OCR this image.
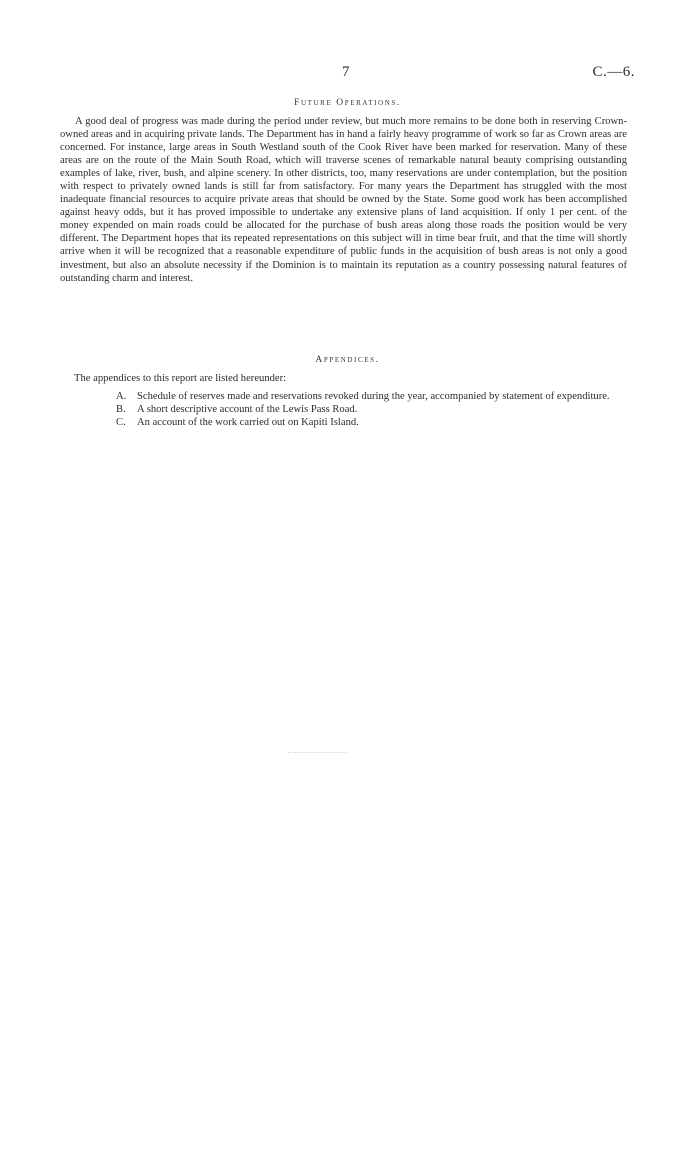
7	C.—6.
Future Operations.

A good deal of progress was made during the period under review, but much more remains to be done both in reserving Crown-owned areas and in acquiring private lands. The Department has in hand a fairly heavy programme of work so far as Crown areas are concerned. For instance, large areas in South Westland south of the Cook River have been marked for reservation. Many of these areas are on the route of the Main South Road, which will traverse scenes of remarkable natural beauty comprising outstanding examples of lake, river, bush, and alpine scenery. In other districts, too, many reservations are under contemplation, but the position with respect to privately owned lands is still far from satisfactory. For many years the Department has struggled with the most inadequate financial resources to acquire private areas that should be owned by the State. Some good work has been accomplished against heavy odds, but it has proved impossible to undertake any extensive plans of land acquisition. If only 1 per cent. of the money expended on main roads could be allocated for the purchase of bush areas along those roads the position would be very different. The Department hopes that its repeated representations on this subject will in time bear fruit, and that the time will shortly arrive when it will be recognized that a reasonable expenditure of public funds in the acquisition of bush areas is not only a good investment, but also an absolute necessity if the Dominion is to maintain its reputation as a country possessing natural features of outstanding charm and interest.

Appendices.
The appendices to this report are listed hereunder:
A. Schedule of reserves made and reservations revoked during the year, accompanied by statement of expenditure.
B. A short descriptive account of the Lewis Pass Road.
C. An account of the work carried out on Kapiti Island.
